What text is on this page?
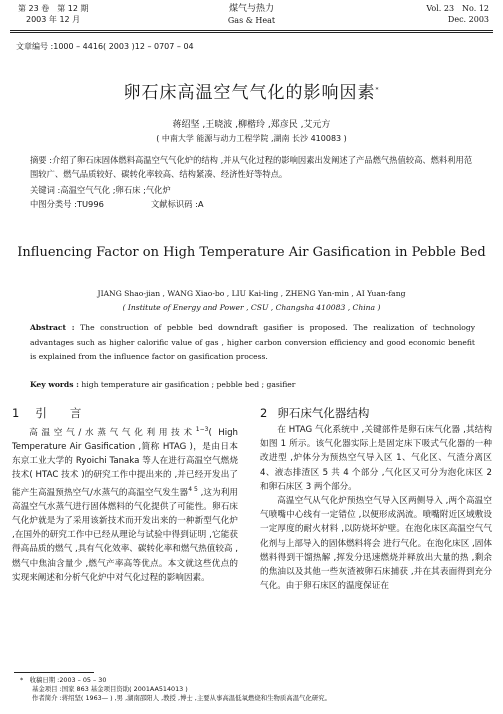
第 23 卷　第 12 期
2003 年 12 月
煤气与热力
Gas & Heat
Vol. 23　No. 12
Dec. 2003
文章编号 :1000 – 4416( 2003 )12 – 0707 – 04
卵石床高温空气气化的影响因素*
蒋绍坚 ,王晓波 ,柳楷玲 ,郑彦民 ,艾元方
( 中南大学 能源与动力工程学院 ,湖南 长沙 410083 )
摘要 :介绍了卵石床固体燃料高温空气气化炉的结构 ,并从气化过程的影响因素出发阐述了产品燃气热值较高、燃料利用范围较广、燃气品质较好、碳转化率较高、结构紧凑、经济性好等特点。
关键词 :高温空气气化 ;卵石床 ;气化炉
中图分类号 :TU996	文献标识码 :A
Influencing Factor on High Temperature Air Gasification in Pebble Bed
JIANG Shao-jian , WANG Xiao-bo , LIU Kai-ling , ZHENG Yan-min , AI Yuan-fang
( Institute of Energy and Power , CSU , Changsha 410083 , China )
Abstract : The construction of pebble bed downdraft gasifier is proposed. The realization of technology advantages such as higher calorific value of gas , higher carbon conversion efficiency and good economic benefit is explained from the influence factor on gasification process.
Key words : high temperature air gasification ; pebble bed ; gasifier
1 引　　言

高温空气/水蒸气气化利用技术$^{1-3}$( High Temperature Air Gasification ,简称 HTAG )，是由日本东京工业大学的 Ryoichi Tanaka 等人在进行高温空气燃烧技术( HTAC 技术 )的研究工作中提出来的 ,并已经开发出了能产生高温预热空气/水蒸气的高温空气发生器$^{4 5}$ ,这为利用高温空气水蒸气进行固体燃料的气化提供了可能性。卵石床气化炉就是为了采用该新技术而开发出来的一种新型气化炉 ,在国外的研究工作中已经从理论与试验中得到证明 ,它能获得高品质的燃气 ,具有气化效率、碳转化率和燃气热值较高 ,燃气中焦油含量少 ,燃气产率高等优点。本文就这些优点的实现来阐述和分析气化炉中对气化过程的影响因素。

2 卵石床气化器结构

在 HTAG 气化系统中 ,关键部件是卵石床气化器 ,其结构如图 1 所示。该气化器实际上是固定床下吸式气化器的一种改进型 ,炉体分为预热空气导入区 1、气化区、气渣分离区 4、液态排渣区 5 共 4 个部分 ,气化区又可分为泡化床区 2 和卵石床区 3 两个部分。

高温空气从气化炉预热空气导入区两侧导入 ,两个高温空气喷嘴中心线有一定错位 ,以便形成涡流。喷嘴附近区域敷设一定厚度的耐火材料 ,以防烧坏炉壁。在泡化床区高温空气气化剂与上部导入的固体燃料将会 进行气化。在泡化床区 ,固体燃料得到干馏热解 ,挥发分迅速燃烧并释放出大量的热 ,剩余的焦油以及其他一些灰渣被卵石床捕获 ,并在其表面得到充分气化。由于卵石床区的温度保证在

*　 收稿日期 :2003 – 05 – 30
基金项目 :国家 863 基金项目资助( 2001AA514013 )
作者简介 :蒋绍坚( 1963— ) ,男 ,湖南邵阳人 ,教授 ,博士 ,主要从事高温低氧燃烧和生物质高温气化研究。
